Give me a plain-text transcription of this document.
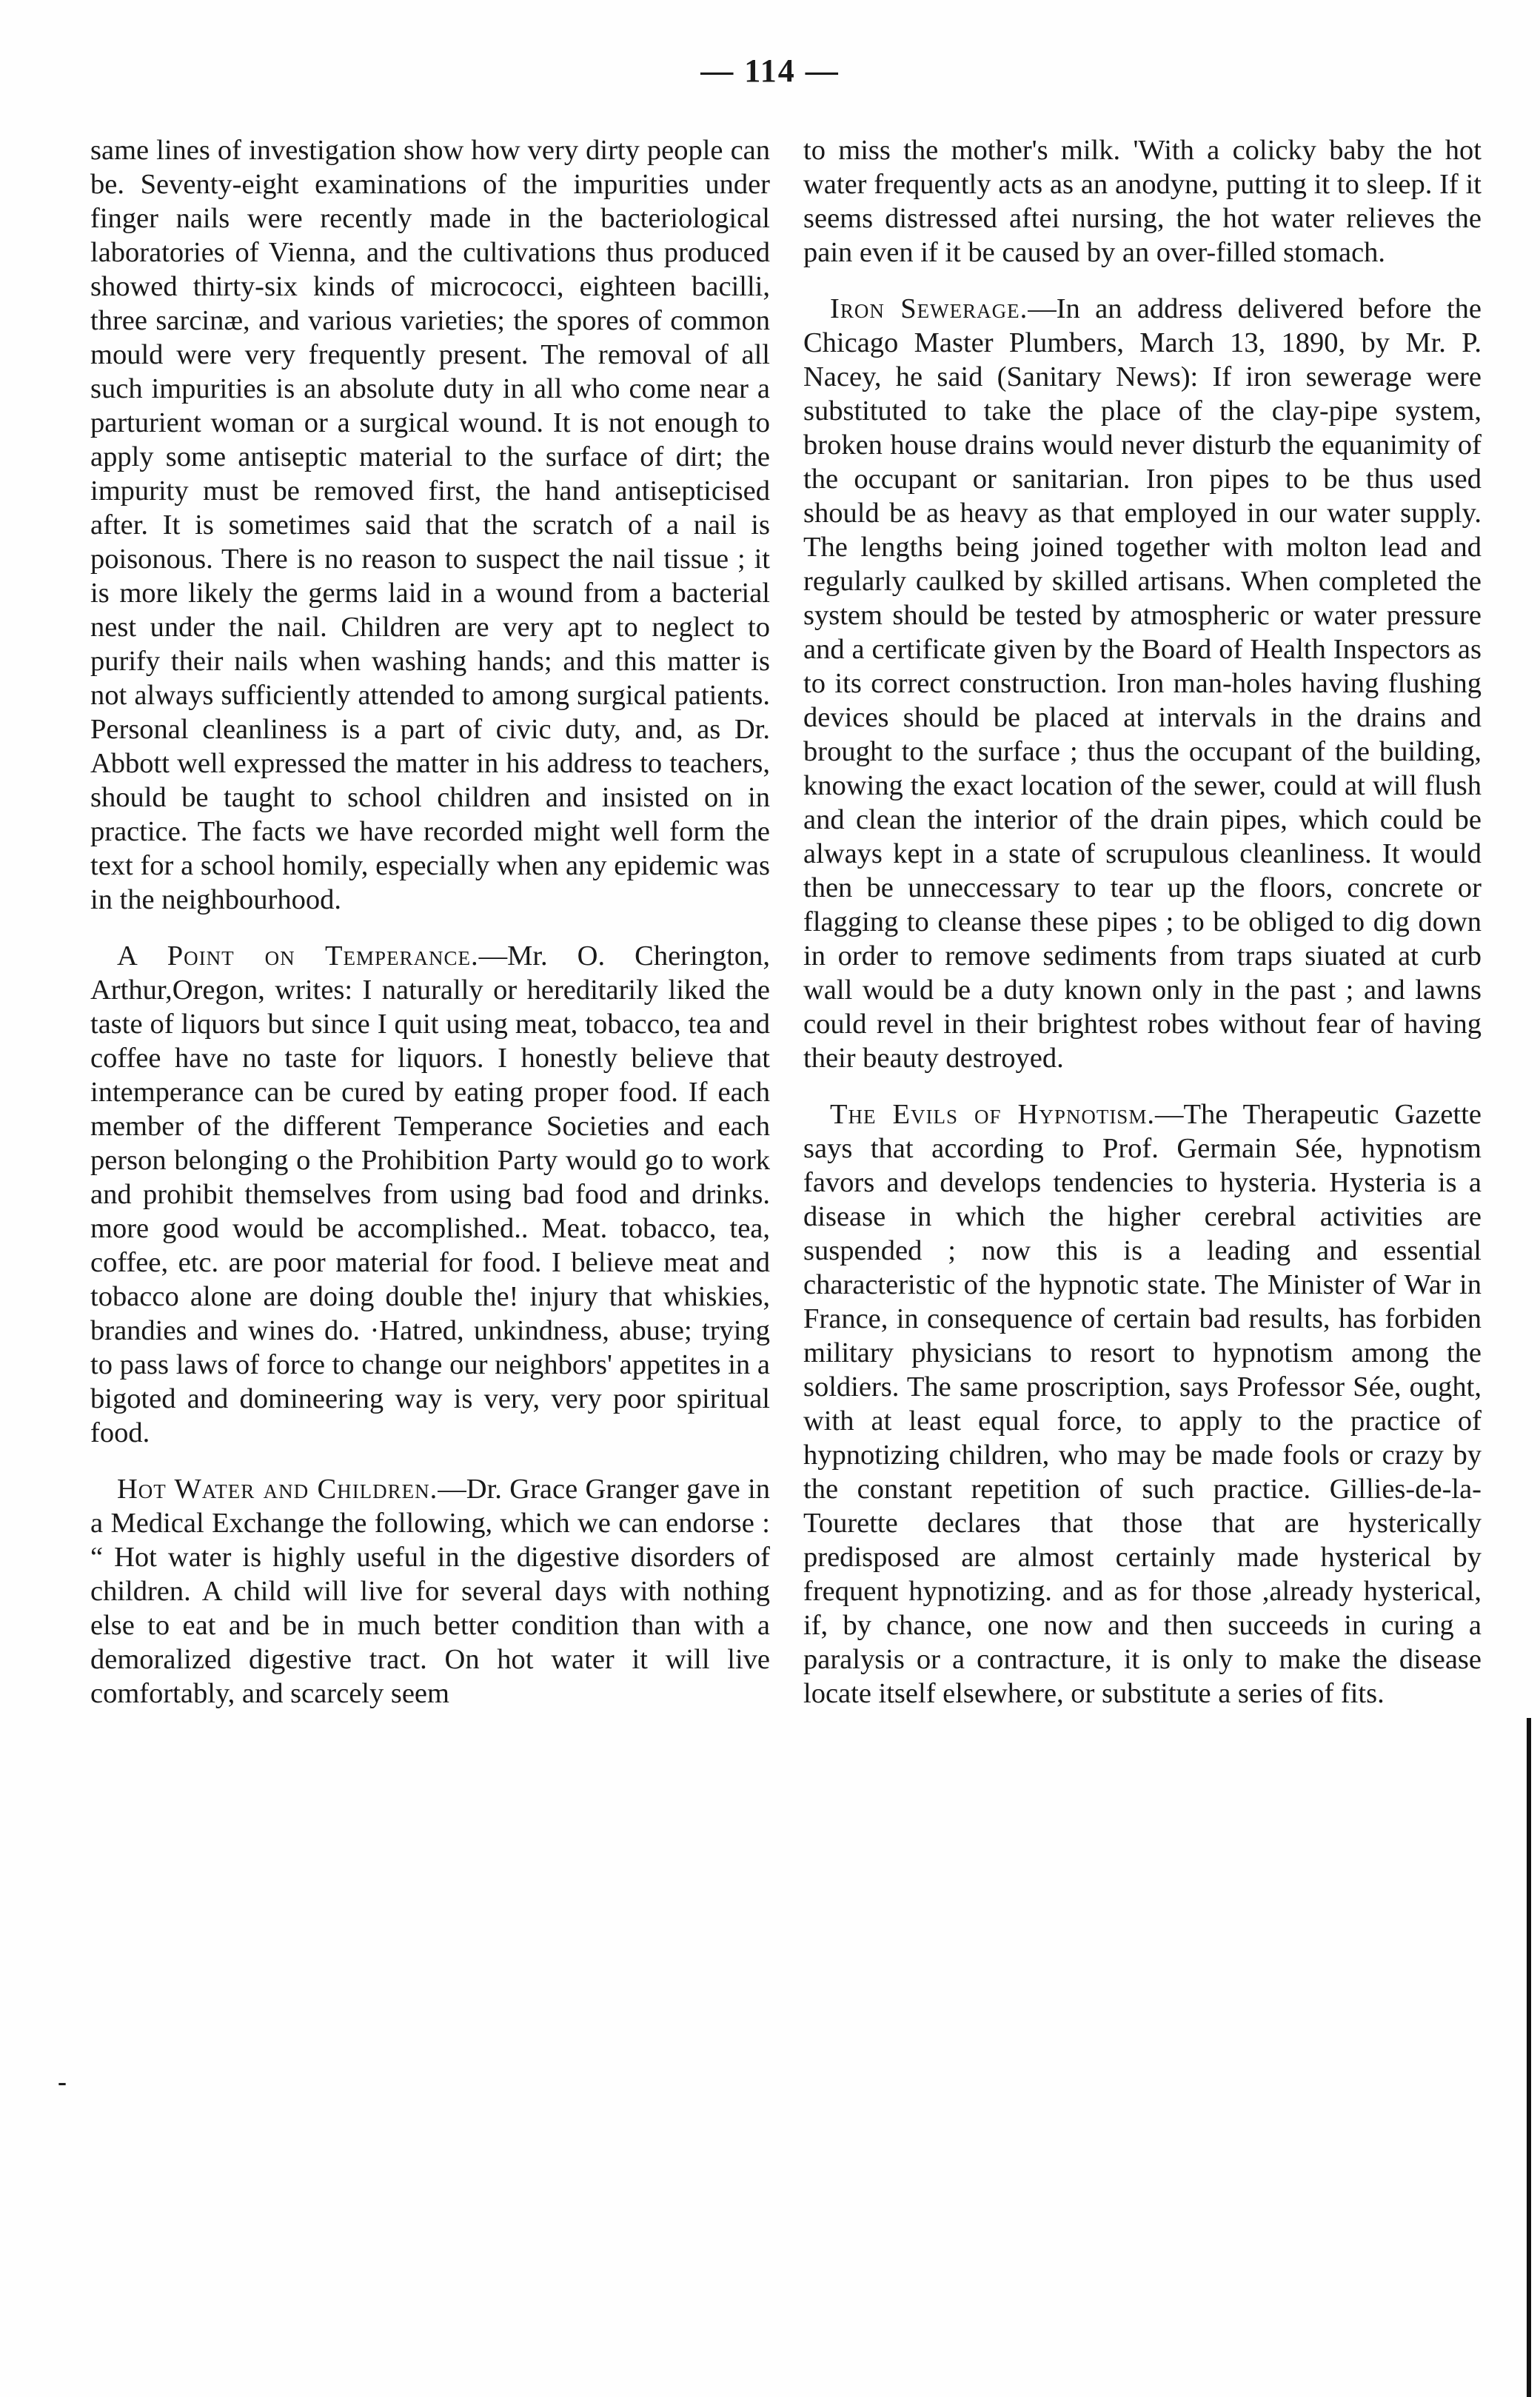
— 114 —

same lines of investigation show how very dirty people can be. Seventy-eight examinations of the impurities under finger nails were recently made in the bacteriological laboratories of Vienna, and the cultivations thus produced showed thirty-six kinds of micrococci, eighteen bacilli, three sarcinæ, and various varieties; the spores of common mould were very frequently present. The removal of all such impurities is an absolute duty in all who come near a parturient woman or a surgical wound. It is not enough to apply some antiseptic material to the surface of dirt; the impurity must be removed first, the hand antisepticised after. It is sometimes said that the scratch of a nail is poisonous. There is no reason to suspect the nail tissue ; it is more likely the germs laid in a wound from a bacterial nest under the nail. Children are very apt to neglect to purify their nails when washing hands; and this matter is not always sufficiently attended to among surgical patients. Personal cleanliness is a part of civic duty, and, as Dr. Abbott well expressed the matter in his address to teachers, should be taught to school children and insisted on in practice. The facts we have recorded might well form the text for a school homily, especially when any epidemic was in the neighbourhood.

A Point on Temperance.—Mr. O. Cherington, Arthur,Oregon, writes: I naturally or hereditarily liked the taste of liquors but since I quit using meat, tobacco, tea and coffee have no taste for liquors. I honestly believe that intemperance can be cured by eating proper food. If each member of the different Temperance Societies and each person belonging o the Prohibition Party would go to work and prohibit themselves from using bad food and drinks. more good would be accomplished.. Meat. tobacco, tea, coffee, etc. are poor material for food. I believe meat and tobacco alone are doing double the! injury that whiskies, brandies and wines do. ·Hatred, unkindness, abuse; trying to pass laws of force to change our neighbors' appetites in a bigoted and domineering way is very, very poor spiritual food.

Hot Water and Children.—Dr. Grace Granger gave in a Medical Exchange the following, which we can endorse : “ Hot water is highly useful in the digestive disorders of children. A child will live for several days with nothing else to eat and be in much better condition than with a demoralized digestive tract. On hot water it will live comfortably, and scarcely seem

to miss the mother's milk. 'With a colicky baby the hot water frequently acts as an anodyne, putting it to sleep. If it seems distressed aftei nursing, the hot water relieves the pain even if it be caused by an over-filled stomach.

Iron Sewerage.—In an address delivered before the Chicago Master Plumbers, March 13, 1890, by Mr. P. Nacey, he said (Sanitary News): If iron sewerage were substituted to take the place of the clay-pipe system, broken house drains would never disturb the equanimity of the occupant or sanitarian. Iron pipes to be thus used should be as heavy as that employed in our water supply. The lengths being joined together with molton lead and regularly caulked by skilled artisans. When completed the system should be tested by atmospheric or water pressure and a certificate given by the Board of Health Inspectors as to its correct construction. Iron man-holes having flushing devices should be placed at intervals in the drains and brought to the surface ; thus the occupant of the building, knowing the exact location of the sewer, could at will flush and clean the interior of the drain pipes, which could be always kept in a state of scrupulous cleanliness. It would then be unneccessary to tear up the floors, concrete or flagging to cleanse these pipes ; to be obliged to dig down in order to remove sediments from traps siuated at curb wall would be a duty known only in the past ; and lawns could revel in their brightest robes without fear of having their beauty destroyed.

The Evils of Hypnotism.—The Therapeutic Gazette says that according to Prof. Germain Sée, hypnotism favors and develops tendencies to hysteria. Hysteria is a disease in which the higher cerebral activities are suspended ; now this is a leading and essential characteristic of the hypnotic state. The Minister of War in France, in consequence of certain bad results, has forbiden military physicians to resort to hypnotism among the soldiers. The same proscription, says Professor Sée, ought, with at least equal force, to apply to the practice of hypnotizing children, who may be made fools or crazy by the constant repetition of such practice. Gillies-de-la-Tourette declares that those that are hysterically predisposed are almost certainly made hysterical by frequent hypnotizing. and as for those ,already hysterical, if, by chance, one now and then succeeds in curing a paralysis or a contracture, it is only to make the disease locate itself elsewhere, or substitute a series of fits.

-
